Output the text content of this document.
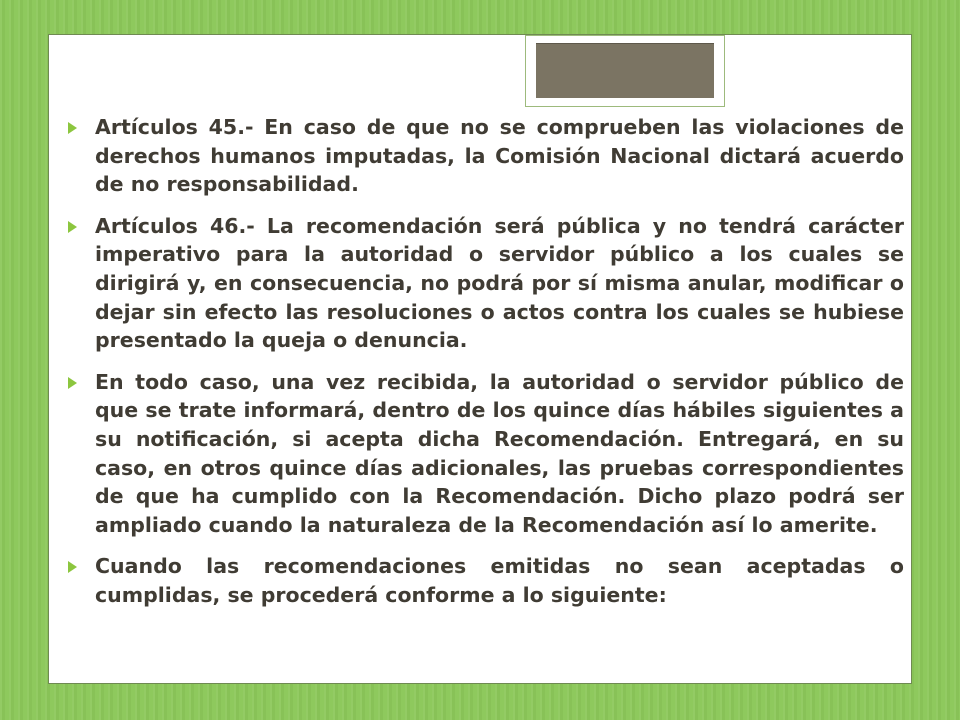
Artículos 45.- En caso de que no se comprueben las violaciones de derechos humanos imputadas, la Comisión Nacional dictará acuerdo de no responsabilidad.
Artículos 46.- La recomendación será pública y no tendrá carácter imperativo para la autoridad o servidor público a los cuales se dirigirá y, en consecuencia, no podrá por sí misma anular, modificar o dejar sin efecto las resoluciones o actos contra los cuales se hubiese presentado la queja o denuncia.
En todo caso, una vez recibida, la autoridad o servidor público de que se trate informará, dentro de los quince días hábiles siguientes a su notificación, si acepta dicha Recomendación. Entregará, en su caso, en otros quince días adicionales, las pruebas correspondientes de que ha cumplido con la Recomendación. Dicho plazo podrá ser ampliado cuando la naturaleza de la Recomendación así lo amerite.
Cuando las recomendaciones emitidas no sean aceptadas o cumplidas, se procederá conforme a lo siguiente:
